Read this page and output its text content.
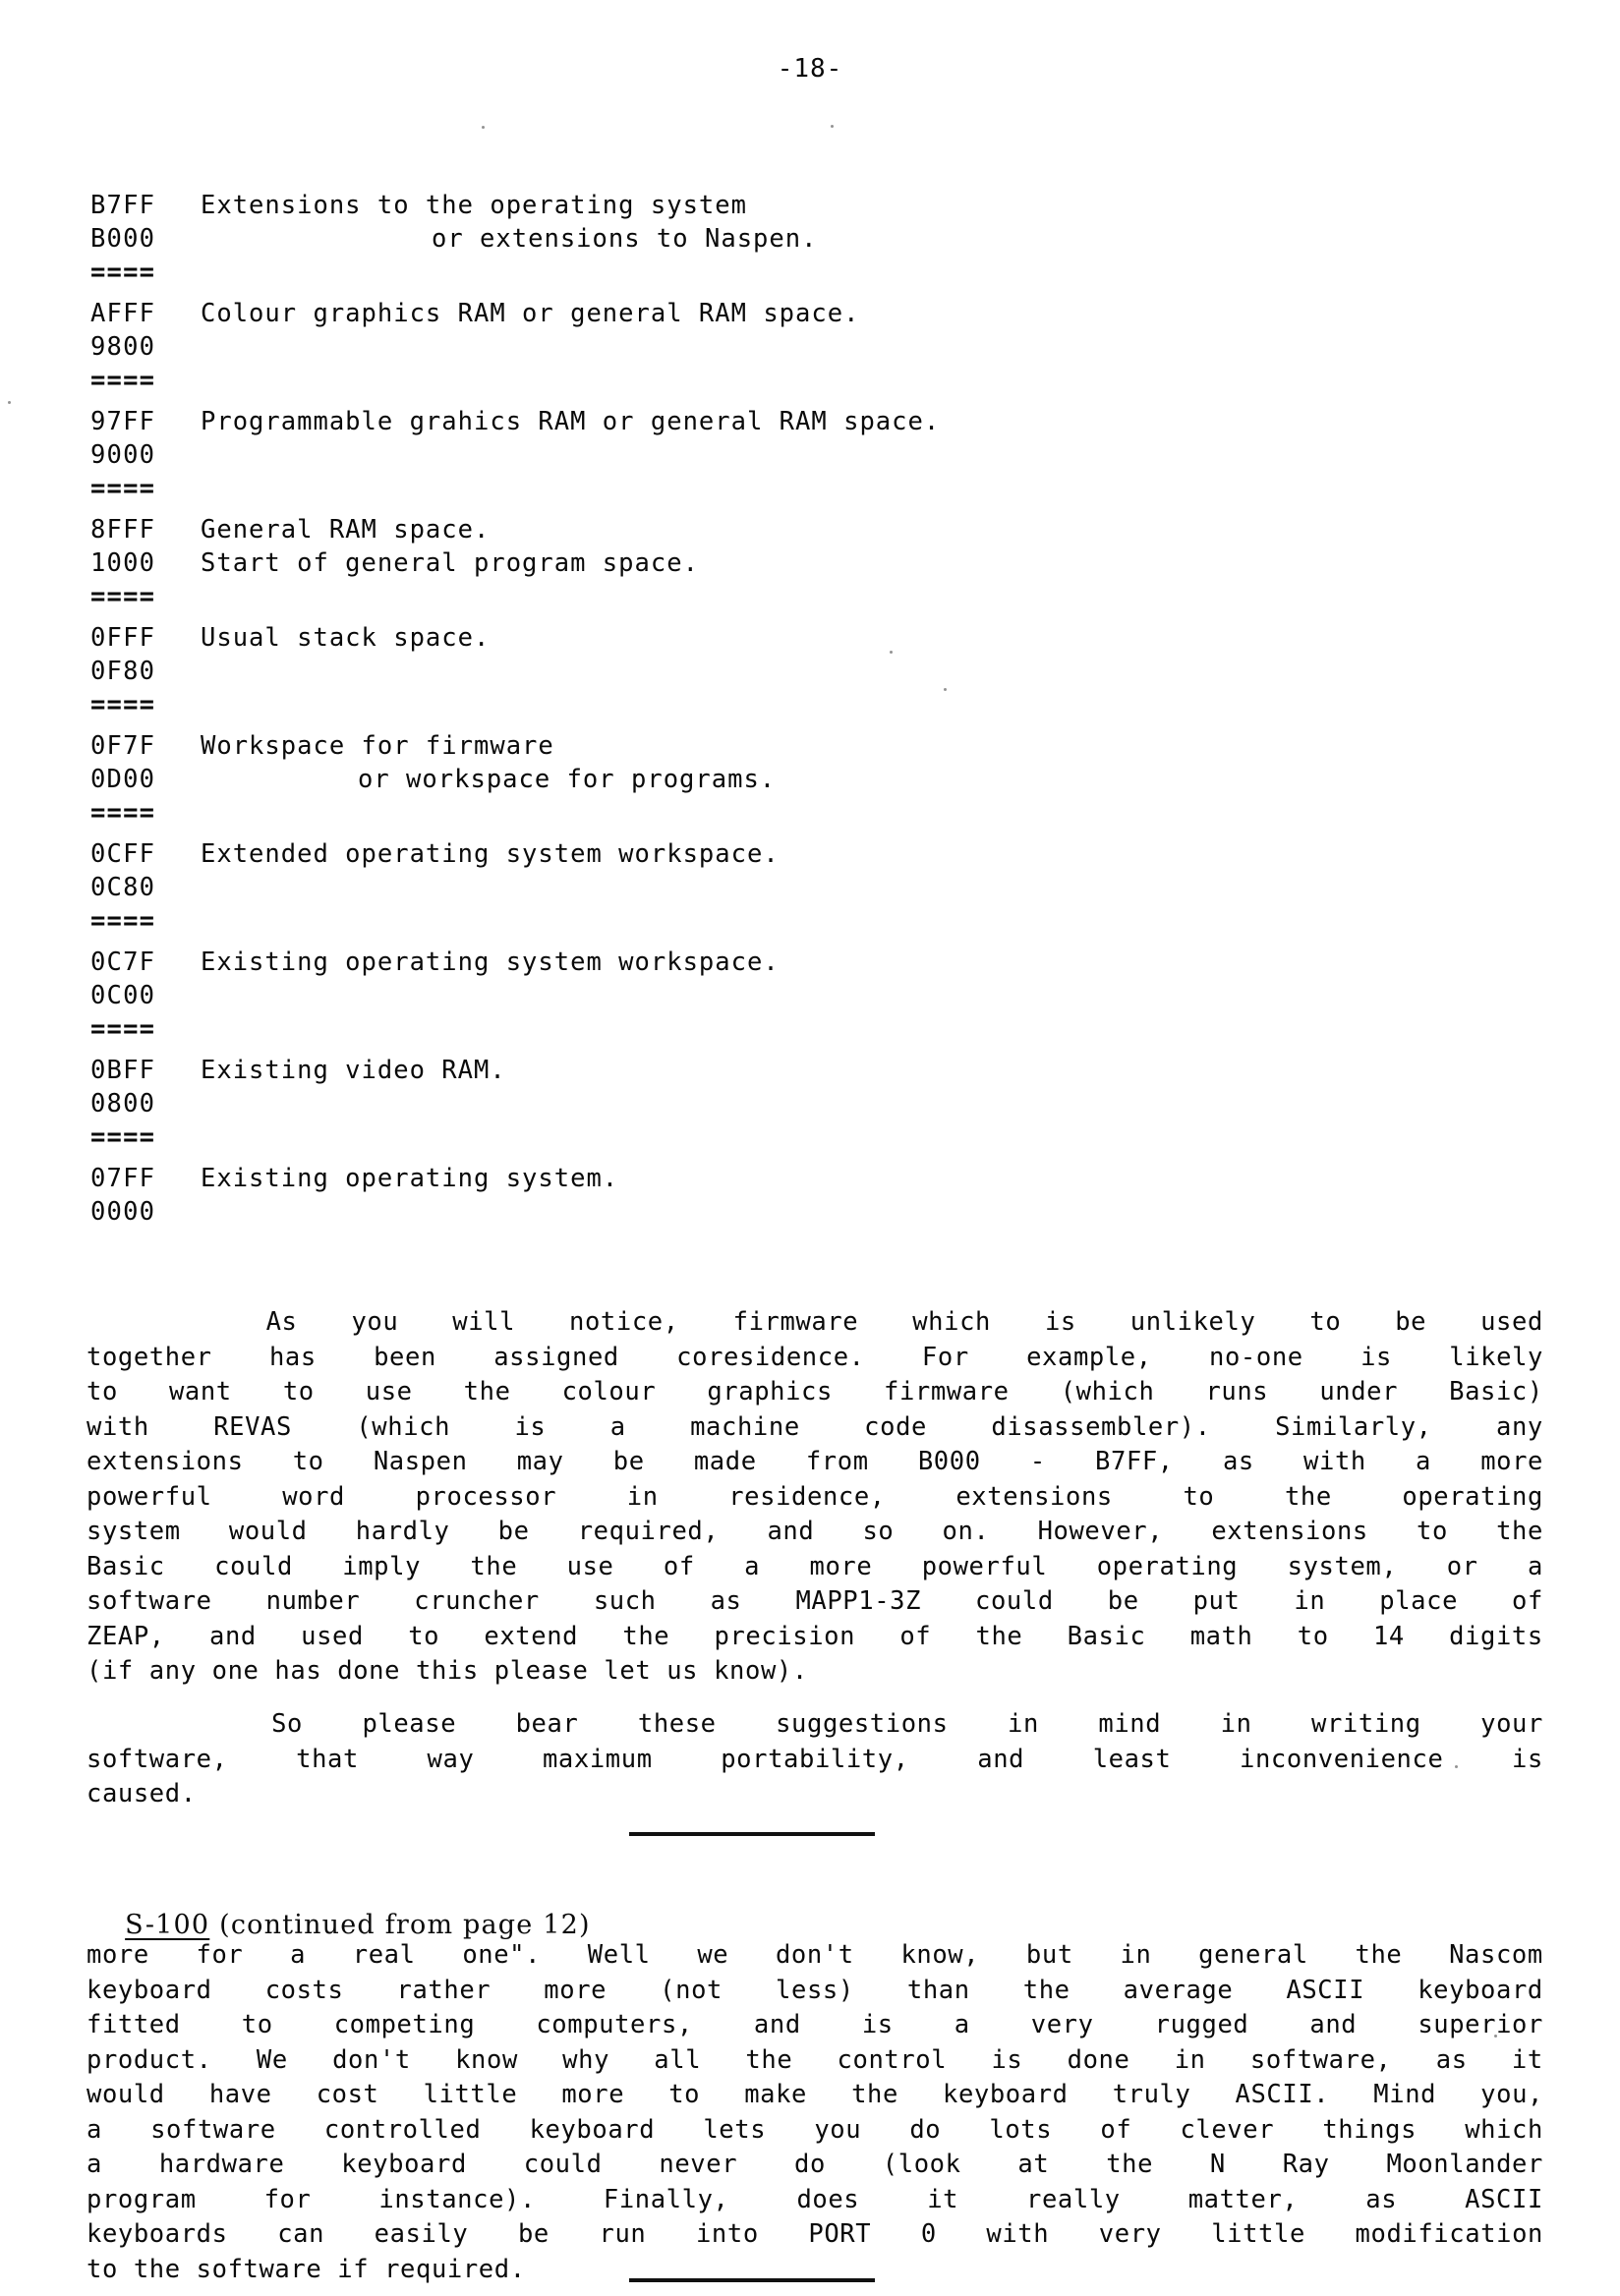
-18-
B7FF Extensions to the operating system
B000	or extensions to Naspen.
====
AFFF Colour graphics RAM or general RAM space.
9800
====
97FF Programmable grahics RAM or general RAM space.
9000
====
8FFF General RAM space.
1000 Start of general program space.
====
0FFF Usual stack space.
0F80
====
0F7F Workspace for firmware
0D00	or workspace for programs.
====
0CFF Extended operating system workspace.
0C80
====
0C7F Existing operating system workspace.
0C00
====
0BFF Existing video RAM.
0800
====
07FF Existing operating system.
0000

As you will notice, firmware which is unlikely to be used
together has been assigned coresidence. For example, no-one is likely
to want to use the colour graphics firmware (which runs under Basic)
with	REVAS	(which	is	a	machine	code	disassembler).	Similarly,	any
extensions to Naspen may be made from B000 - B7FF, as with a more
powerful	word	processor	in	residence,	extensions	to	the	operating
system would hardly be required, and so on. However, extensions to the
Basic could imply the use of a more powerful operating system, or a
software number cruncher such as MAPP1-3Z could be put in place of
ZEAP, and used to extend the precision of the Basic math to 14 digits
(if any one has done this please let us know).

So please bear these suggestions in mind in writing your
software,	that	way	maximum	portability,	and	least	inconvenience	is
caused.

S-100 (continued from page 12)

more for a real one". Well we don't know, but in general the Nascom
keyboard costs rather more (not less) than the average ASCII keyboard
fitted to competing computers, and is a very rugged and superior
product. We don't know why all the control is done in software, as it
would have cost little more to make the keyboard truly ASCII. Mind you,
a software controlled keyboard lets you do lots of clever things which
a hardware keyboard could never do (look at the N Ray Moonlander
program	for	instance).	Finally,	does	it	really	matter,	as	ASCII
keyboards can easily be run into PORT 0 with very little modification
to the software if required.
